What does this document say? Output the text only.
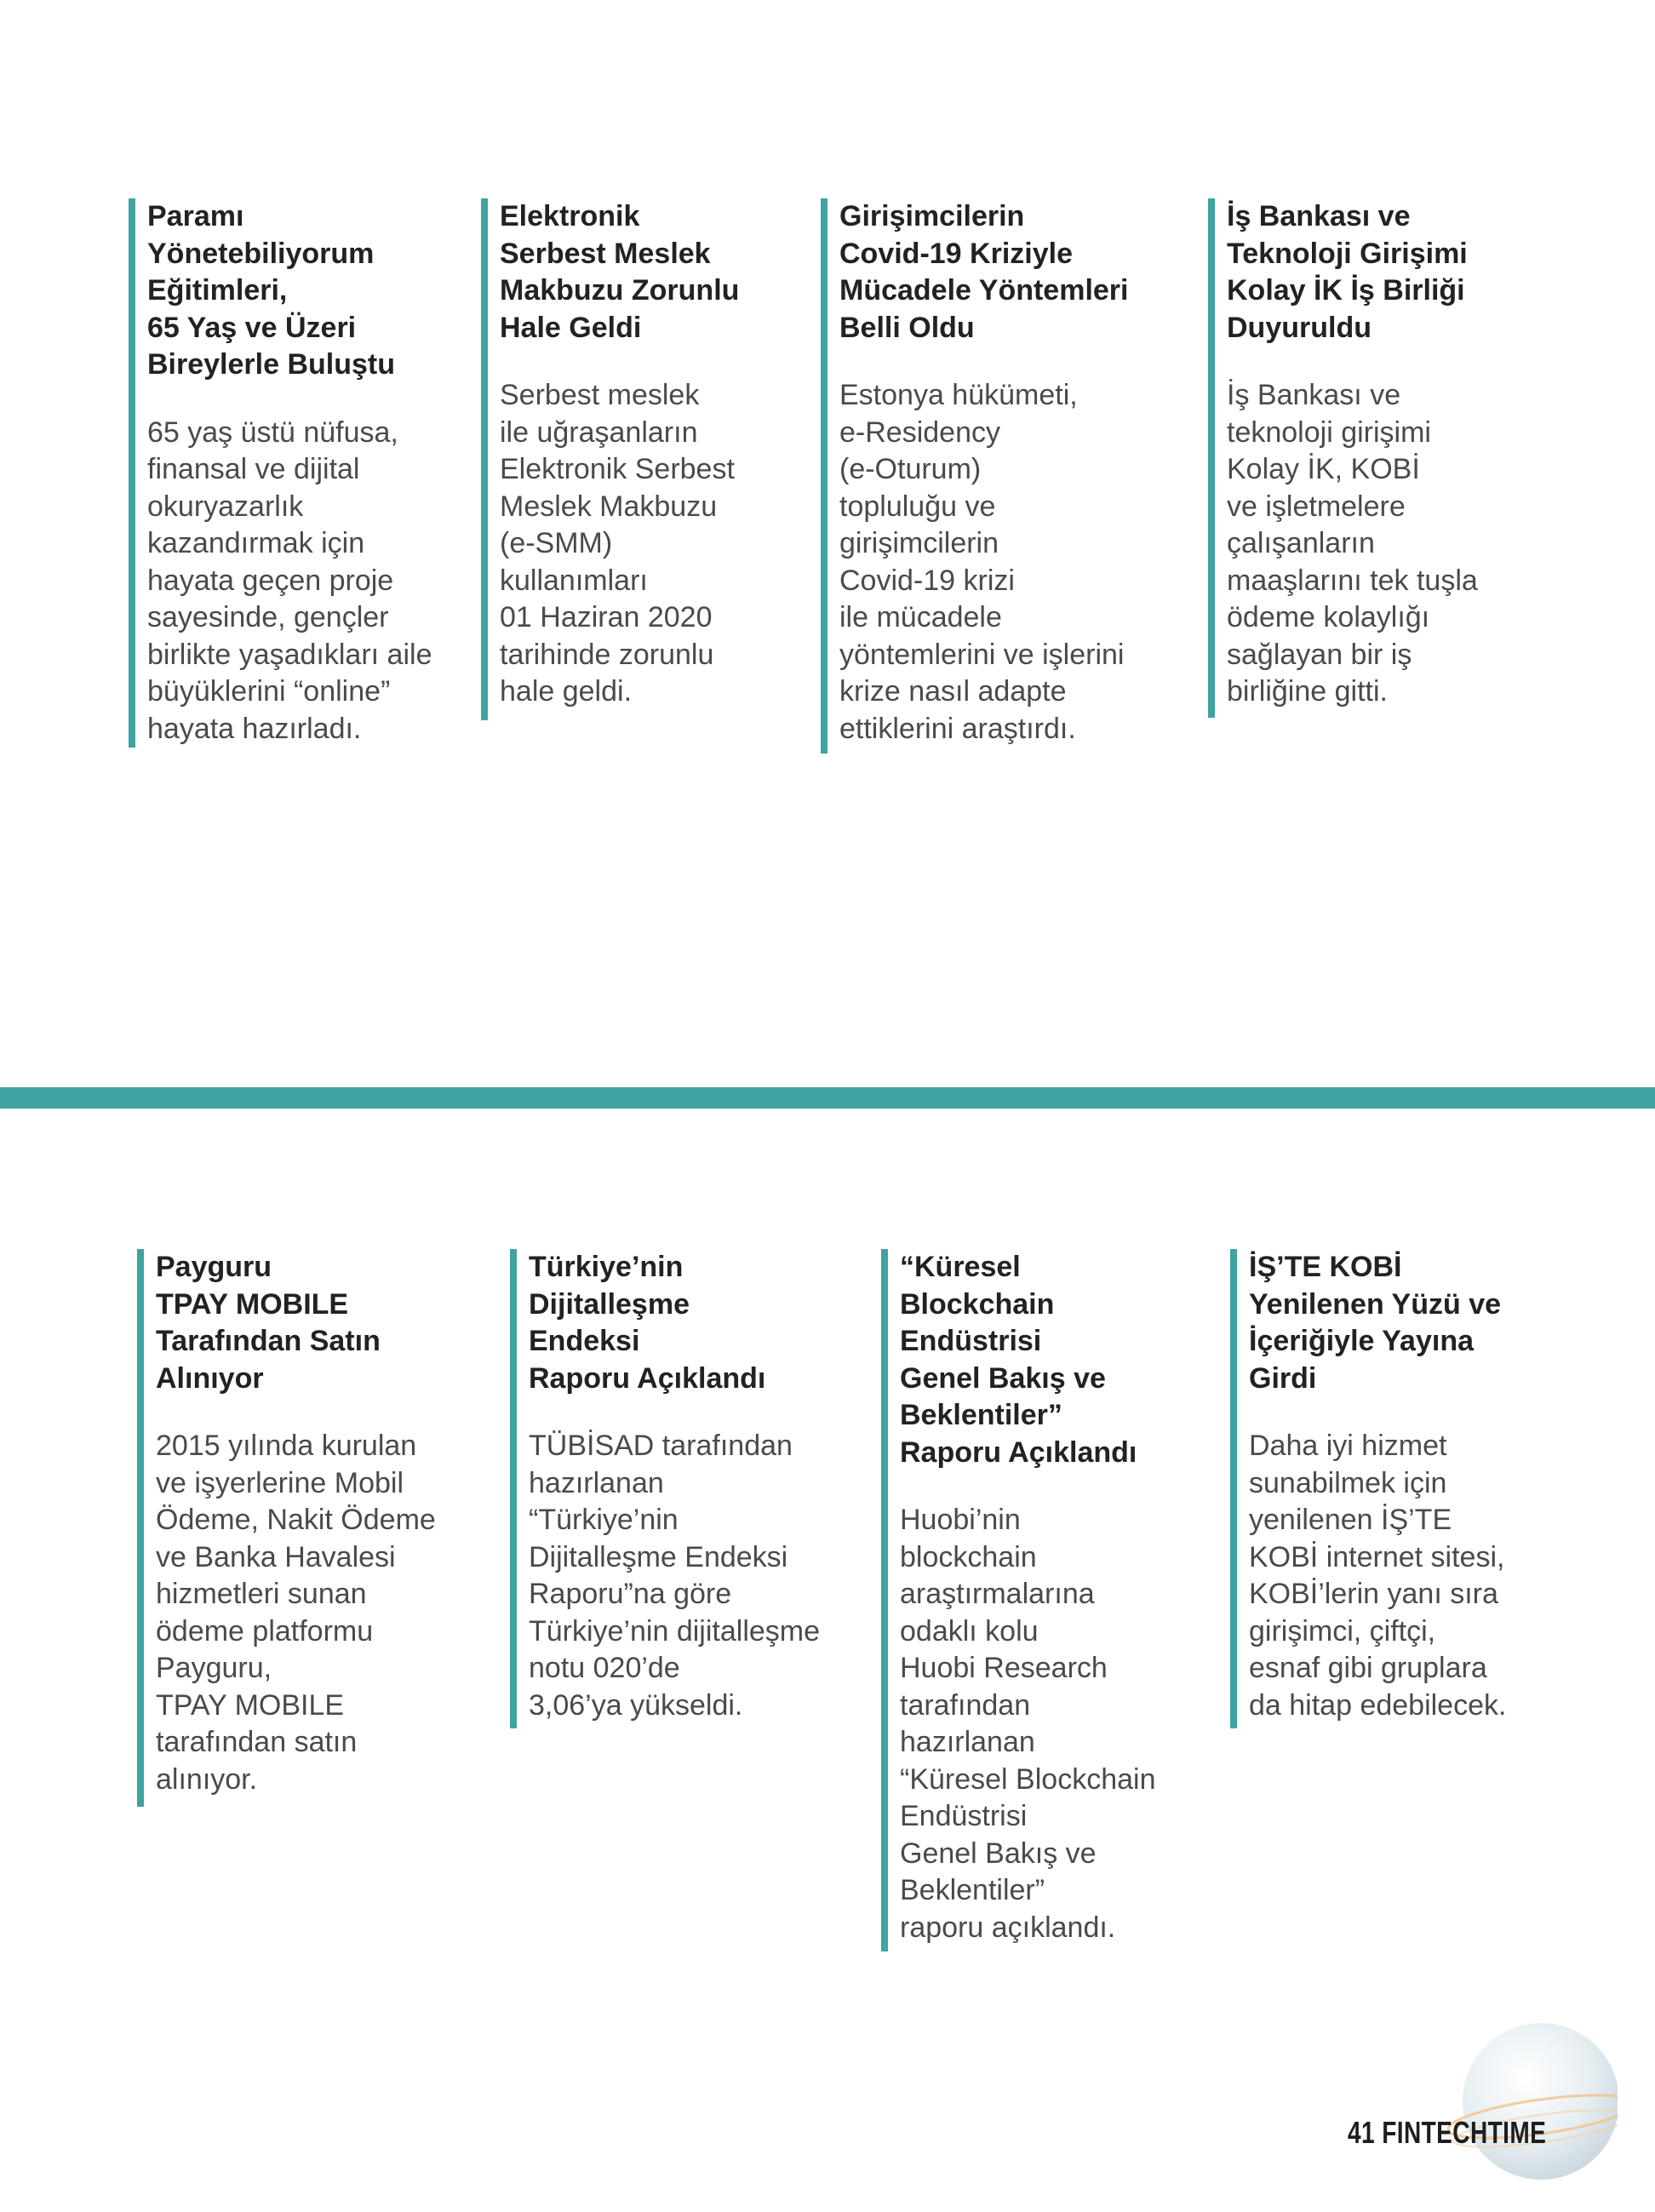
Paramı
Yönetebiliyorum
Eğitimleri,
65 Yaş ve Üzeri
Bireylerle Buluştu

65 yaş üstü nüfusa,
finansal ve dijital
okuryazarlık
kazandırmak için
hayata geçen proje
sayesinde, gençler
birlikte yaşadıkları aile
büyüklerini “online”
hayata hazırladı.

Elektronik
Serbest Meslek
Makbuzu Zorunlu
Hale Geldi

Serbest meslek
ile uğraşanların
Elektronik Serbest
Meslek Makbuzu
(e-SMM)
kullanımları
01 Haziran 2020
tarihinde zorunlu
hale geldi.

Girişimcilerin
Covid-19 Kriziyle
Mücadele Yöntemleri
Belli Oldu

Estonya hükümeti,
e-Residency
(e-Oturum)
topluluğu ve
girişimcilerin
Covid-19 krizi
ile mücadele
yöntemlerini ve işlerini
krize nasıl adapte
ettiklerini araştırdı.

İş Bankası ve
Teknoloji Girişimi
Kolay İK İş Birliği
Duyuruldu

İş Bankası ve
teknoloji girişimi
Kolay İK, KOBİ
ve işletmelere
çalışanların
maaşlarını tek tuşla
ödeme kolaylığı
sağlayan bir iş
birliğine gitti.

Payguru
TPAY MOBILE
Tarafından Satın
Alınıyor

2015 yılında kurulan
ve işyerlerine Mobil
Ödeme, Nakit Ödeme
ve Banka Havalesi
hizmetleri sunan
ödeme platformu
Payguru,
TPAY MOBILE
tarafından satın
alınıyor.

Türkiye’nin
Dijitalleşme
Endeksi
Raporu Açıklandı

TÜBİSAD tarafından
hazırlanan
“Türkiye’nin
Dijitalleşme Endeksi
Raporu”na göre
Türkiye’nin dijitalleşme
notu 020’de
3,06’ya yükseldi.

“Küresel
Blockchain
Endüstrisi
Genel Bakış ve
Beklentiler”
Raporu Açıklandı

Huobi’nin
blockchain
araştırmalarına
odaklı kolu
Huobi Research
tarafından
hazırlanan
“Küresel Blockchain
Endüstrisi
Genel Bakış ve
Beklentiler”
raporu açıklandı.

İŞ’TE KOBİ
Yenilenen Yüzü ve
İçeriğiyle Yayına
Girdi

Daha iyi hizmet
sunabilmek için
yenilenen İŞ’TE
KOBİ internet sitesi,
KOBİ’lerin yanı sıra
girişimci, çiftçi,
esnaf gibi gruplara
da hitap edebilecek.

41 FINTECHTIME
